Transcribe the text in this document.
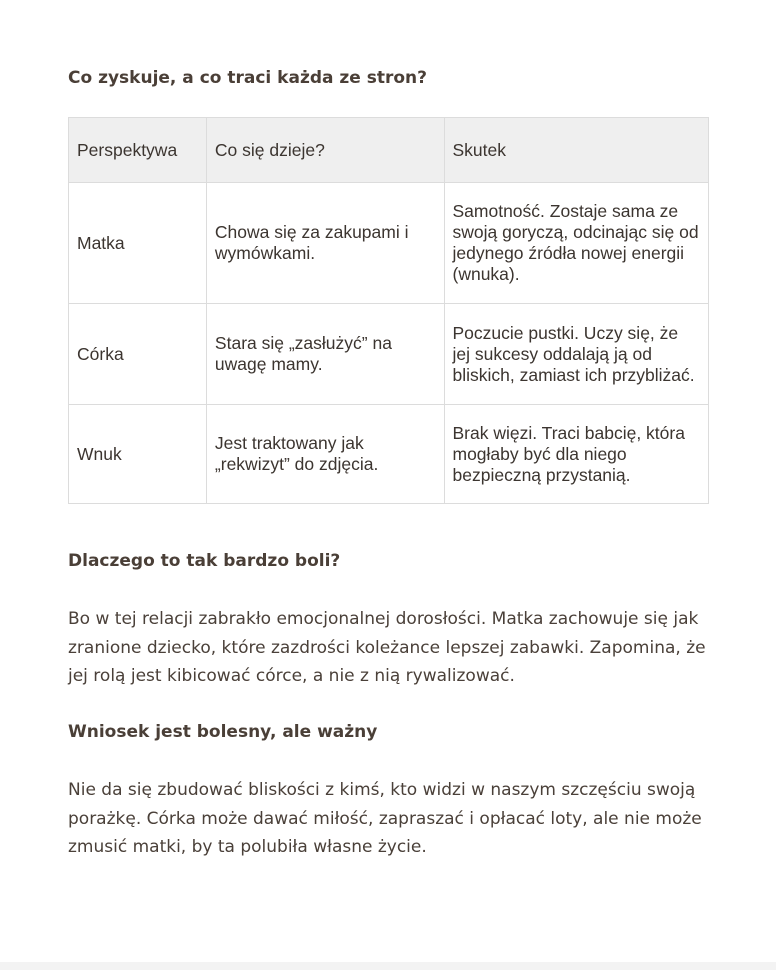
Co zyskuje, a co traci każda ze stron?
Perspektywa	Co się dzieje?	Skutek
Matka	Chowa się za zakupami i wymówkami.	Samotność. Zostaje sama ze swoją goryczą, odcinając się od jedynego źródła nowej energii (wnuka).
Córka	Stara się „zasłużyć” na uwagę mamy.	Poczucie pustki. Uczy się, że jej sukcesy oddalają ją od bliskich, zamiast ich przybliżać.
Wnuk	Jest traktowany jak „rekwizyt” do zdjęcia.	Brak więzi. Traci babcię, która mogłaby być dla niego bezpieczną przystanią.
Dlaczego to tak bardzo boli?

Bo w tej relacji zabrakło emocjonalnej dorosłości. Matka zachowuje się jak zranione dziecko, które zazdrości koleżance lepszej zabawki. Zapomina, że jej rolą jest kibicować córce, a nie z nią rywalizować.

Wniosek jest bolesny, ale ważny

Nie da się zbudować bliskości z kimś, kto widzi w naszym szczęściu swoją porażkę. Córka może dawać miłość, zapraszać i opłacać loty, ale nie może zmusić matki, by ta polubiła własne życie.
